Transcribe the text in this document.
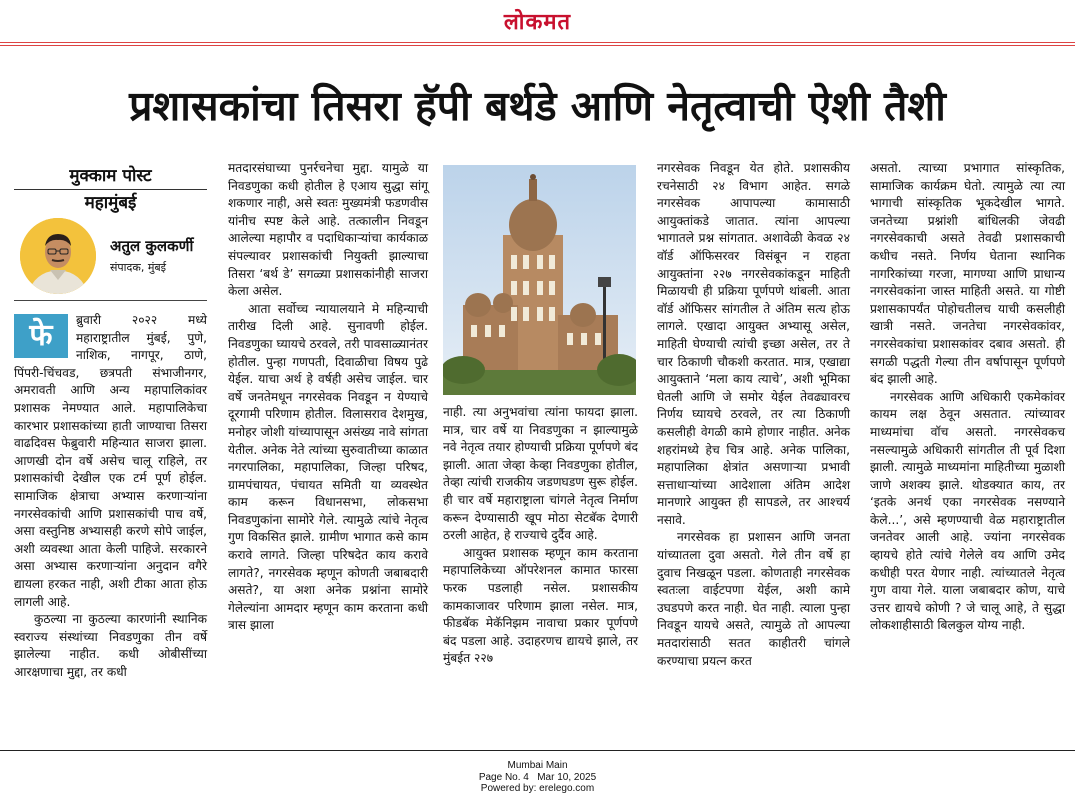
लोकमत
प्रशासकांचा तिसरा हॅपी बर्थडे आणि नेतृत्वाची ऐशी तैशी
मुक्काम पोस्ट
महामुंबई
अतुल कुलकर्णी
संपादक, मुंबई

फे	ब्रुवारी २०२२ मध्ये महाराष्ट्रातील मुंबई, पुणे, नाशिक, नागपूर, ठाणे, पिंपरी-चिंचवड, छत्रपती संभाजीनगर, अमरावती आणि अन्य महापालिकांवर प्रशासक नेमण्यात आले. महापालिकेचा कारभार प्रशासकांच्या हाती जाण्याचा तिसरा वाढदिवस फेब्रुवारी महिन्यात साजरा झाला. आणखी दोन वर्षे असेच चालू राहिले, तर प्रशासकांची देखील एक टर्म पूर्ण होईल. सामाजिक क्षेत्राचा अभ्यास करणाऱ्यांना नगरसेवकांची आणि प्रशासकांची पाच वर्षे, असा वस्तुनिष्ठ अभ्यासही करणे सोपे जाईल, अशी व्यवस्था आता केली पाहिजे. सरकारने असा अभ्यास करणाऱ्यांना अनुदान वगैरे द्यायला हरकत नाही, अशी टीका आता होऊ लागली आहे.

कुठल्या ना कुठल्या कारणांनी स्थानिक स्वराज्य संस्थांच्या निवडणुका तीन वर्षे झालेल्या नाहीत. कधी ओबीसींच्या आरक्षणाचा मुद्दा, तर कधी

मतदारसंघाच्या पुनर्रचनेचा मुद्दा. यामुळे या निवडणुका कधी होतील हे एआय सुद्धा सांगू शकणार नाही, असे स्वतः मुख्यमंत्री फडणवीस यांनीच स्पष्ट केले आहे. तत्कालीन निवडून आलेल्या महापौर व पदाधिकाऱ्यांचा कार्यकाळ संपल्यावर प्रशासकांची नियुक्ती झाल्याचा तिसरा ‘बर्थ डे’ सगळ्या प्रशासकांनीही साजरा केला असेल.

आता सर्वोच्च न्यायालयाने मे महिन्याची तारीख दिली आहे. सुनावणी होईल. निवडणुका घ्यायचे ठरवले, तरी पावसाळ्यानंतर होतील. पुन्हा गणपती, दिवाळीचा विषय पुढे येईल. याचा अर्थ हे वर्षही असेच जाईल. चार वर्षे जनतेमधून नगरसेवक निवडून न येण्याचे दूरगामी परिणाम होतील. विलासराव देशमुख, मनोहर जोशी यांच्यापासून असंख्य नावे सांगता येतील. अनेक नेते त्यांच्या सुरुवातीच्या काळात नगरपालिका, महापालिका, जिल्हा परिषद, ग्रामपंचायत, पंचायत समिती या व्यवस्थेत काम करून विधानसभा, लोकसभा निवडणुकांना सामोरे गेले. त्यामुळे त्यांचे नेतृत्व गुण विकसित झाले. ग्रामीण भागात कसे काम करावे लागते. जिल्हा परिषदेत काय करावे लागते?, नगरसेवक म्हणून कोणती जबाबदारी असते?, या अशा अनेक प्रश्नांना सामोरे गेलेल्यांना आमदार म्हणून काम करताना कधी त्रास झाला

नाही. त्या अनुभवांचा त्यांना फायदा झाला. मात्र, चार वर्षे या निवडणुका न झाल्यामुळे नवे नेतृत्व तयार होण्याची प्रक्रिया पूर्णपणे बंद झाली. आता जेव्हा केव्हा निवडणुका होतील, तेव्हा त्यांची राजकीय जडणघडण सुरू होईल. ही चार वर्षे महाराष्ट्राला चांगले नेतृत्व निर्माण करून देण्यासाठी खूप मोठा सेटबॅक देणारी ठरली आहेत, हे राज्याचे दुर्दैव आहे.

आयुक्त प्रशासक म्हणून काम करताना महापालिकेच्या ऑपरेशनल कामात फारसा फरक पडलाही नसेल. प्रशासकीय कामकाजावर परिणाम झाला नसेल. मात्र, फीडबॅक मेकॅनिझम नावाचा प्रकार पूर्णपणे बंद पडला आहे. उदाहरणच द्यायचे झाले, तर मुंबईत २२७

नगरसेवक निवडून येत होते. प्रशासकीय रचनेसाठी २४ विभाग आहेत. सगळे नगरसेवक आपापल्या कामासाठी आयुक्तांकडे जातात. त्यांना आपल्या भागातले प्रश्न सांगतात. अशावेळी केवळ २४ वॉर्ड ऑफिसरवर विसंबून न राहता आयुक्तांना २२७ नगरसेवकांकडून माहिती मिळायची ही प्रक्रिया पूर्णपणे थांबली. आता वॉर्ड ऑफिसर सांगतील ते अंतिम सत्य होऊ लागले. एखादा आयुक्त अभ्यासू असेल, माहिती घेण्याची त्यांची इच्छा असेल, तर ते चार ठिकाणी चौकशी करतात. मात्र, एखाद्या आयुक्ताने ‘मला काय त्याचे’, अशी भूमिका घेतली आणि जे समोर येईल तेवढ्यावरच निर्णय घ्यायचे ठरवले, तर त्या ठिकाणी कसलीही वेगळी कामे होणार नाहीत. अनेक शहरांमध्ये हेच चित्र आहे. अनेक पालिका, महापालिका क्षेत्रांत असणाऱ्या प्रभावी सत्ताधाऱ्यांच्या आदेशाला अंतिम आदेश मानणारे आयुक्त ही सापडले, तर आश्चर्य नसावे.

नगरसेवक हा प्रशासन आणि जनता यांच्यातला दुवा असतो. गेले तीन वर्षे हा दुवाच निखळून पडला. कोणताही नगरसेवक स्वतःला वाईटपणा येईल, अशी कामे उघडपणे करत नाही. घेत नाही. त्याला पुन्हा निवडून यायचे असते, त्यामुळे तो आपल्या मतदारांसाठी सतत काहीतरी चांगले करण्याचा प्रयत्न करत

असतो. त्याच्या प्रभागात सांस्कृतिक, सामाजिक कार्यक्रम घेतो. त्यामुळे त्या त्या भागाची सांस्कृतिक भूकदेखील भागते. जनतेच्या प्रश्नांशी बांधिलकी जेवढी नगरसेवकाची असते तेवढी प्रशासकाची कधीच नसते. निर्णय घेताना स्थानिक नागरिकांच्या गरजा, मागण्या आणि प्राधान्य नगरसेवकांना जास्त माहिती असते. या गोष्टी प्रशासकापर्यंत पोहोचतीलच याची कसलीही खात्री नसते. जनतेचा नगरसेवकांवर, नगरसेवकांचा प्रशासकांवर दबाव असतो. ही सगळी पद्धती गेल्या तीन वर्षापासून पूर्णपणे बंद झाली आहे.

नगरसेवक आणि अधिकारी एकमेकांवर कायम लक्ष ठेवून असतात. त्यांच्यावर माध्यमांचा वॉच असतो. नगरसेवकच नसल्यामुळे अधिकारी सांगतील ती पूर्व दिशा झाली. त्यामुळे माध्यमांना माहितीच्या मुळाशी जाणे अशक्य झाले. थोडक्यात काय, तर ‘इतके अनर्थ एका नगरसेवक नसण्याने केले...’, असे म्हणण्याची वेळ महाराष्ट्रातील जनतेवर आली आहे. ज्यांना नगरसेवक व्हायचे होते त्यांचे गेलेले वय आणि उमेद कधीही परत येणार नाही. त्यांच्यातले नेतृत्व गुण वाया गेले. याला जबाबदार कोण, याचे उत्तर द्यायचे कोणी ? जे चालू आहे, ते सुद्धा लोकशाहीसाठी बिलकुल योग्य नाही.

Mumbai Main
Page No. 4 Mar 10, 2025
Powered by: erelego.com
